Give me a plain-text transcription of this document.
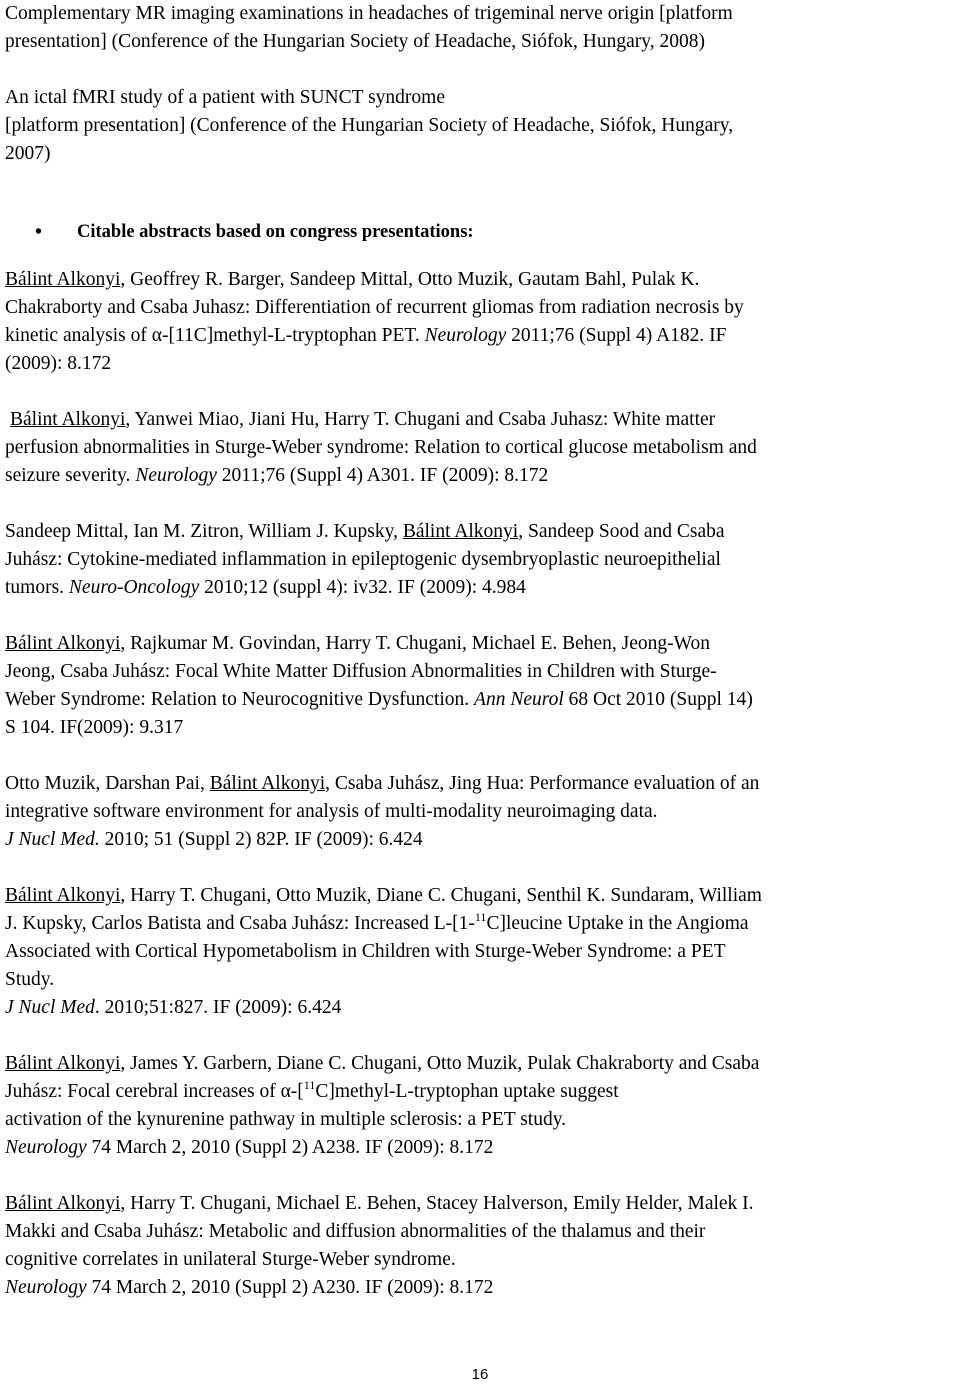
Complementary MR imaging examinations in headaches of trigeminal nerve origin [platform
presentation] (Conference of the Hungarian Society of Headache, Siófok, Hungary, 2008)
An ictal fMRI study of a patient with SUNCT syndrome
[platform presentation] (Conference of the Hungarian Society of Headache, Siófok, Hungary,
2007)
• Citable abstracts based on congress presentations:
Bálint Alkonyi, Geoffrey R. Barger, Sandeep Mittal, Otto Muzik, Gautam Bahl, Pulak K.
Chakraborty and Csaba Juhasz: Differentiation of recurrent gliomas from radiation necrosis by
kinetic analysis of α-[11C]methyl-L-tryptophan PET. Neurology 2011;76 (Suppl 4) A182. IF
(2009): 8.172
Bálint Alkonyi, Yanwei Miao, Jiani Hu, Harry T. Chugani and Csaba Juhasz: White matter
perfusion abnormalities in Sturge-Weber syndrome: Relation to cortical glucose metabolism and
seizure severity. Neurology 2011;76 (Suppl 4) A301. IF (2009): 8.172
Sandeep Mittal, Ian M. Zitron, William J. Kupsky, Bálint Alkonyi, Sandeep Sood and Csaba
Juhász: Cytokine-mediated inflammation in epileptogenic dysembryoplastic neuroepithelial
tumors. Neuro-Oncology 2010;12 (suppl 4): iv32. IF (2009): 4.984
Bálint Alkonyi, Rajkumar M. Govindan, Harry T. Chugani, Michael E. Behen, Jeong-Won
Jeong, Csaba Juhász: Focal White Matter Diffusion Abnormalities in Children with Sturge-
Weber Syndrome: Relation to Neurocognitive Dysfunction. Ann Neurol 68 Oct 2010 (Suppl 14)
S 104. IF(2009): 9.317
Otto Muzik, Darshan Pai, Bálint Alkonyi, Csaba Juhász, Jing Hua: Performance evaluation of an
integrative software environment for analysis of multi-modality neuroimaging data.
J Nucl Med. 2010; 51 (Suppl 2) 82P. IF (2009): 6.424
Bálint Alkonyi, Harry T. Chugani, Otto Muzik, Diane C. Chugani, Senthil K. Sundaram, William
J. Kupsky, Carlos Batista and Csaba Juhász: Increased L-[1-$^{11}$C]leucine Uptake in the Angioma
Associated with Cortical Hypometabolism in Children with Sturge-Weber Syndrome: a PET
Study.
J Nucl Med. 2010;51:827. IF (2009): 6.424
Bálint Alkonyi, James Y. Garbern, Diane C. Chugani, Otto Muzik, Pulak Chakraborty and Csaba
Juhász: Focal cerebral increases of α-[$^{11}$C]methyl-L-tryptophan uptake suggest
activation of the kynurenine pathway in multiple sclerosis: a PET study.
Neurology 74 March 2, 2010 (Suppl 2) A238. IF (2009): 8.172
Bálint Alkonyi, Harry T. Chugani, Michael E. Behen, Stacey Halverson, Emily Helder, Malek I.
Makki and Csaba Juhász: Metabolic and diffusion abnormalities of the thalamus and their
cognitive correlates in unilateral Sturge-Weber syndrome.
Neurology 74 March 2, 2010 (Suppl 2) A230. IF (2009): 8.172
16
